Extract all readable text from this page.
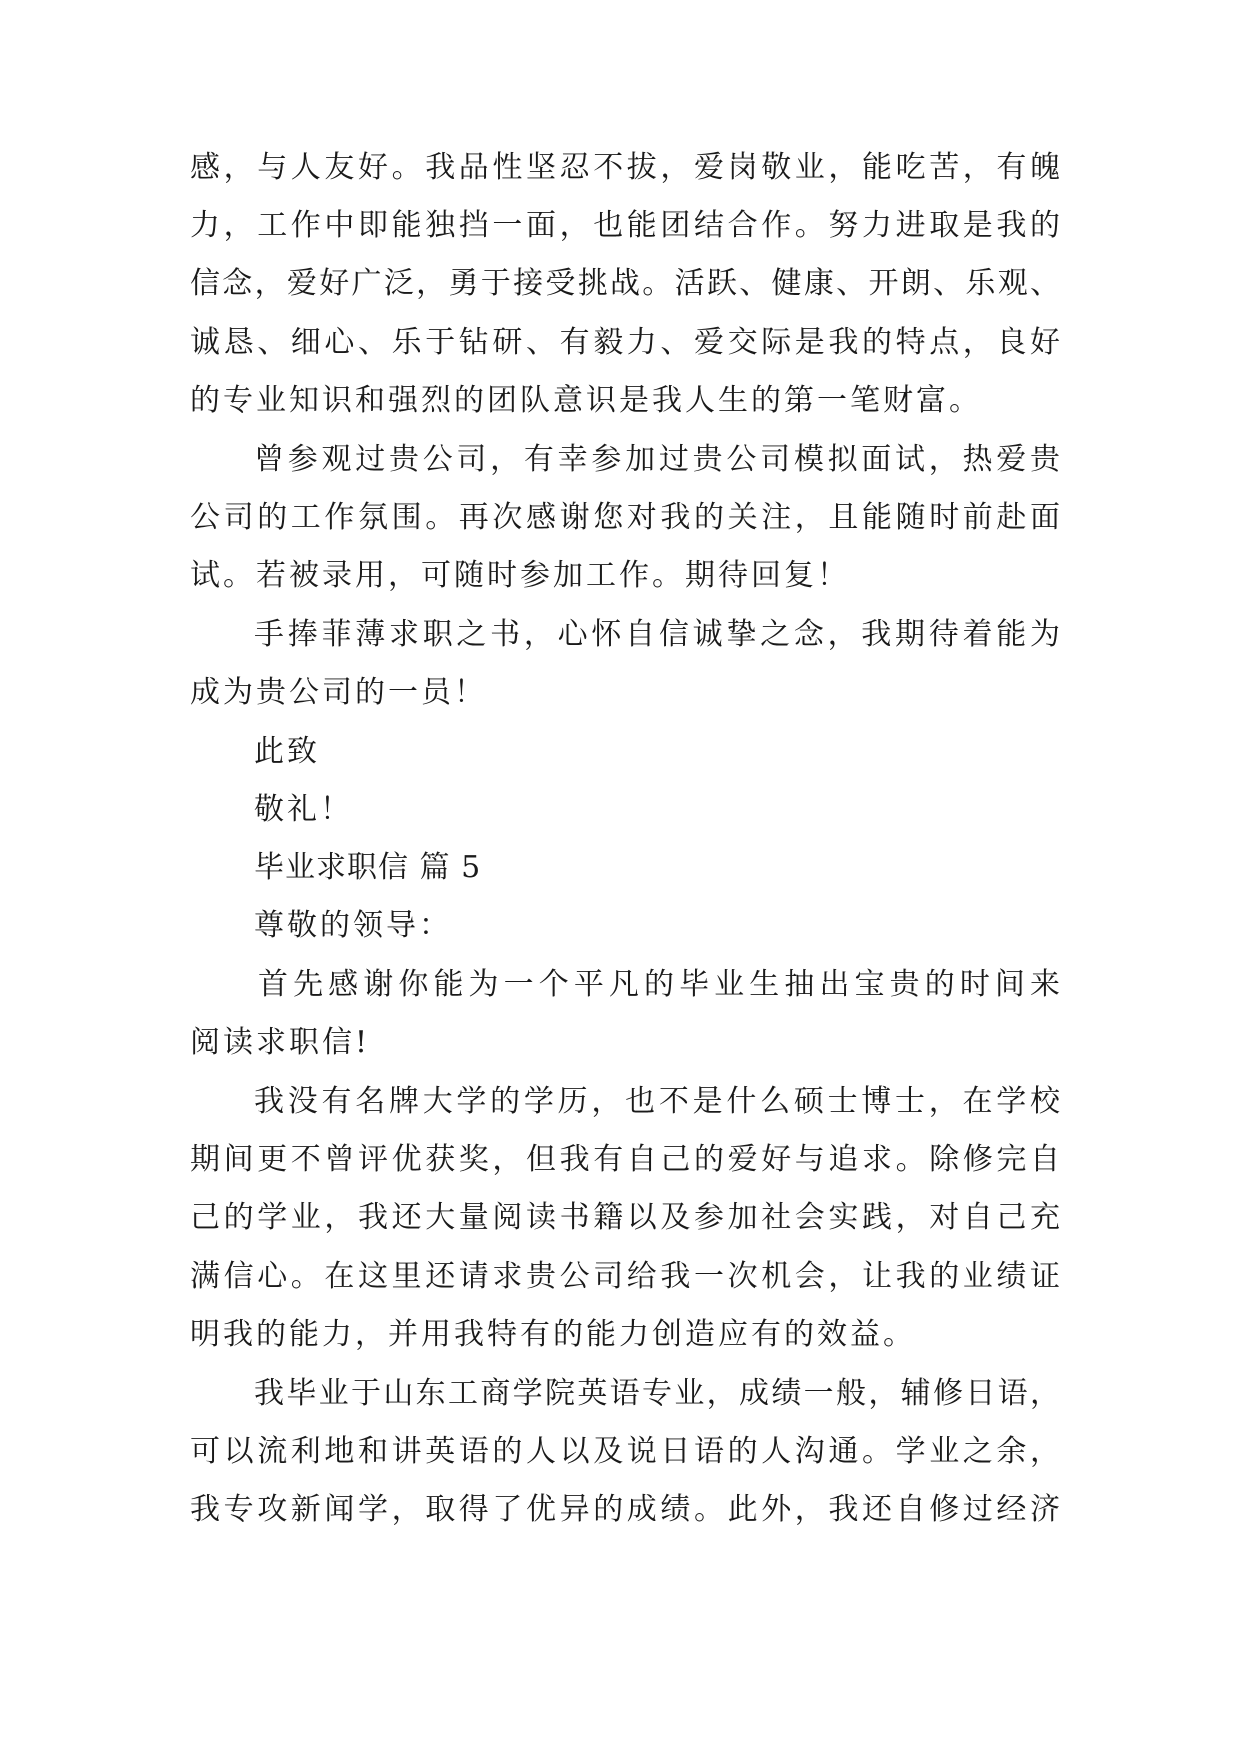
感，与人友好。我品性坚忍不拔，爱岗敬业，能吃苦，有魄
力，工作中即能独挡一面，也能团结合作。努力进取是我的
信念，爱好广泛，勇于接受挑战。活跃、健康、开朗、乐观、
诚恳、细心、乐于钻研、有毅力、爱交际是我的特点，良好
的专业知识和强烈的团队意识是我人生的第一笔财富。
曾参观过贵公司，有幸参加过贵公司模拟面试，热爱贵
公司的工作氛围。再次感谢您对我的关注，且能随时前赴面
试。若被录用，可随时参加工作。期待回复！
手捧菲薄求职之书，心怀自信诚挚之念，我期待着能为
成为贵公司的一员！
此致
敬礼！
毕业求职信 篇 5
尊敬的领导：
首先感谢你能为一个平凡的毕业生抽出宝贵的时间来
阅读求职信!
我没有名牌大学的学历，也不是什么硕士博士，在学校
期间更不曾评优获奖，但我有自己的爱好与追求。除修完自
己的学业，我还大量阅读书籍以及参加社会实践，对自己充
满信心。在这里还请求贵公司给我一次机会，让我的业绩证
明我的能力，并用我特有的能力创造应有的效益。
我毕业于山东工商学院英语专业，成绩一般，辅修日语，
可以流利地和讲英语的人以及说日语的人沟通。学业之余，
我专攻新闻学，取得了优异的成绩。此外，我还自修过经济
